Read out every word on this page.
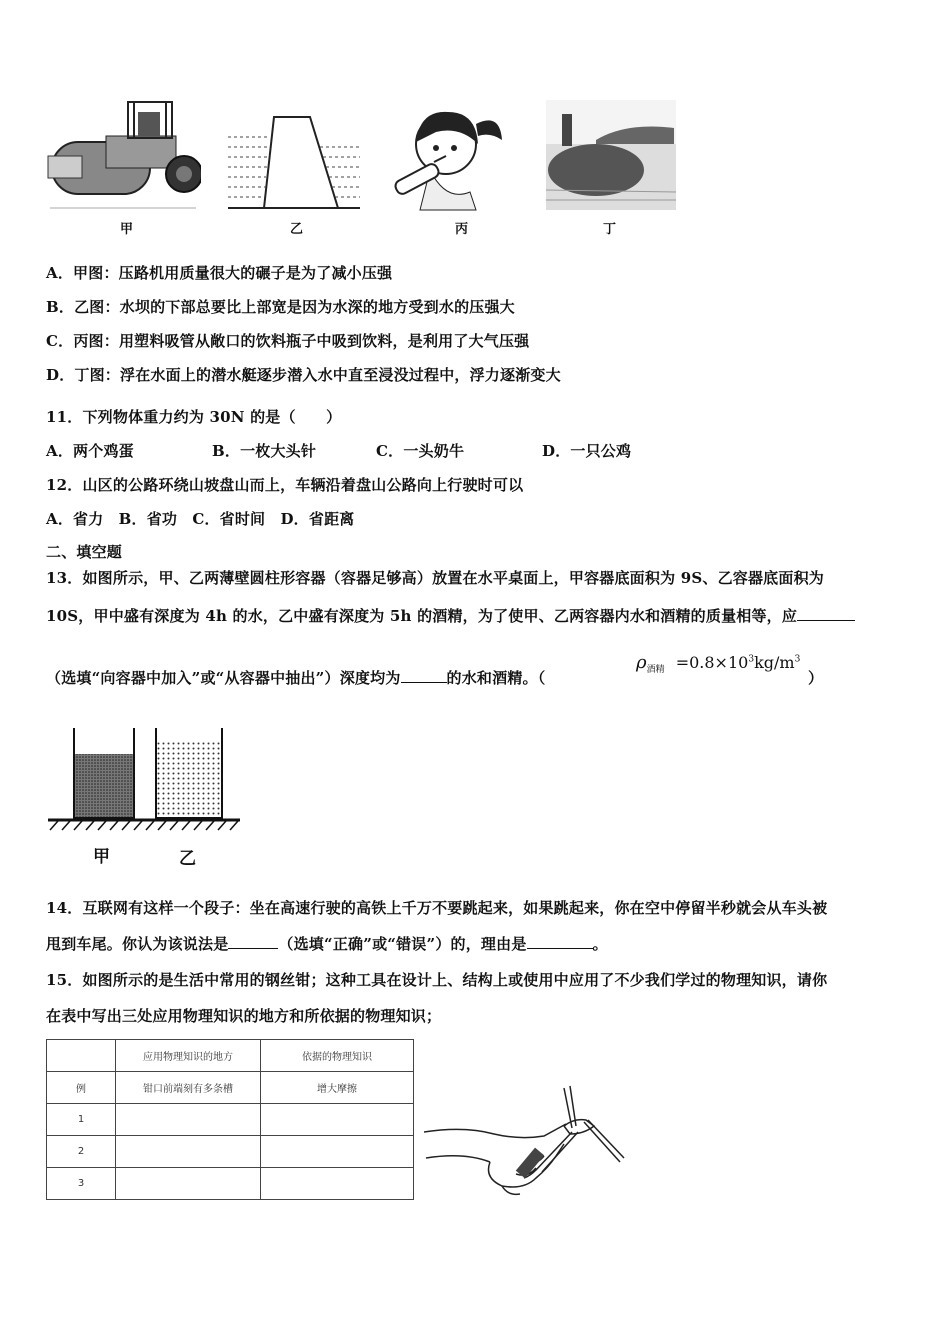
甲	乙	丙	丁
A．甲图：压路机用质量很大的碾子是为了减小压强
B．乙图：水坝的下部总要比上部宽是因为水深的地方受到水的压强大
C．丙图：用塑料吸管从敞口的饮料瓶子中吸到饮料，是利用了大气压强
D．丁图：浮在水面上的潜水艇逐步潜入水中直至浸没过程中，浮力逐渐变大
11．下列物体重力约为 30N 的是（　　）
A．两个鸡蛋	B．一枚大头针	C．一头奶牛	D．一只公鸡
12．山区的公路环绕山坡盘山而上，车辆沿着盘山公路向上行驶时可以
A．省力　B．省功　C．省时间　D．省距离
二、填空题
13．如图所示，甲、乙两薄壁圆柱形容器（容器足够高）放置在水平桌面上，甲容器底面积为 9S、乙容器底面积为
10S，甲中盛有深度为 4h 的水，乙中盛有深度为 5h 的酒精，为了使甲、乙两容器内水和酒精的质量相等，应
（选填“向容器中加入”或“从容器中抽出”）深度均为	的水和酒精。（
$\rho_{酒精} =0.8\times 10^3kg/m^3$
）
甲	乙
14．互联网有这样一个段子：坐在高速行驶的高铁上千万不要跳起来，如果跳起来，你在空中停留半秒就会从车头被
甩到车尾。你认为该说法是	（选填“正确”或“错误”）的，理由是	。
15．如图所示的是生活中常用的钢丝钳；这种工具在设计上、结构上或使用中应用了不少我们学过的物理知识，请你
在表中写出三处应用物理知识的地方和所依据的物理知识；
	应用物理知识的地方	依据的物理知识
例	钳口前端刻有多条槽	增大摩擦
1		
2		
3		
